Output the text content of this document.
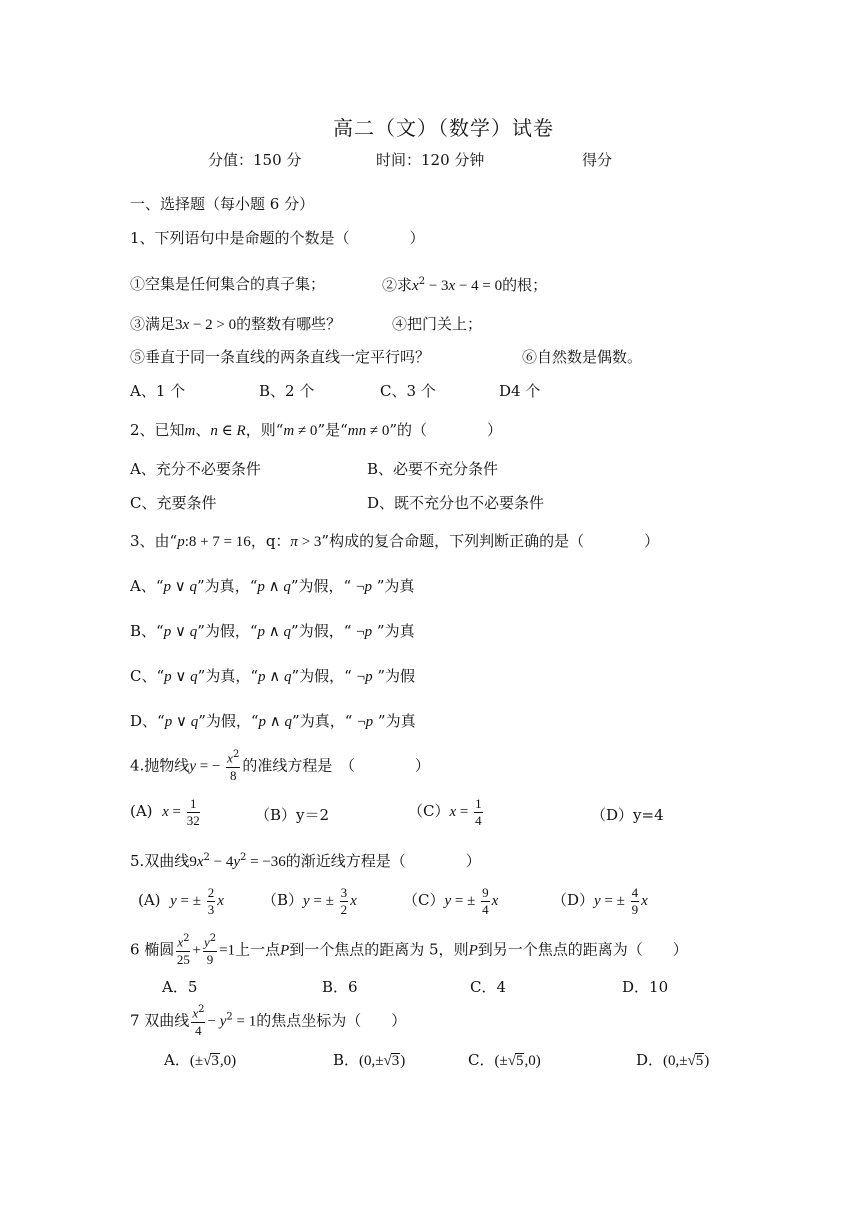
高二（文）（数学）试卷
分值：150 分	时间：120 分钟	得分
一、选择题（每小题 6 分）
1、下列语句中是命题的个数是（　　　　）
①空集是任何集合的真子集；	②求$x^2 - 3x - 4 = 0$的根；
③满足3x − 2 > 0的整数有哪些？	④把门关上；
⑤垂直于同一条直线的两条直线一定平行吗？	⑥自然数是偶数。
A、1 个	B、2 个	C、3 个	D4 个
2、已知m、n ∈ R，则“m ≠ 0”是“mn ≠ 0”的（　　　　）
A、充分不必要条件	B、必要不充分条件
C、充要条件	D、既不充分也不必要条件
3、由“p:8 + 7 = 16，q：π > 3”构成的复合命题，下列判断正确的是（　　　　）
A、“p ∨ q”为真，“p ∧ q”为假，“ ¬p ”为真
B、“p ∨ q”为假，“p ∧ q”为假，“ ¬p ”为真
C、“p ∨ q”为真，“p ∧ q”为假，“ ¬p ”为假
D、“p ∨ q”为假，“p ∧ q”为真，“ ¬p ”为真
4.抛物线y = − $\frac{x^2}{8}$ 的准线方程是　（　　　　）
(A) $x = \frac{1}{32}$	（B）y＝2	$(C)x = \frac{1}{4}$	（D）y=4
5.双曲线$9x^2 - 4y^2 = -36$的渐近线方程是（　　　　）
(A) y = ± $\frac{2}{3}$ x	（B）y = ± $\frac{3}{2}$ x	（C）y = ± $\frac{9}{4}$ x	（D）y = ± $\frac{4}{9}$ x
6 椭圆 $\frac{x^2}{25} + \frac{y^2}{9} =1$上一点P到一个焦点的距离为 5，则P到另一个焦点的距离为（　　）
A．5	B．6	C．4	D．10
7 双曲线 $\frac{x^2}{4} - y^2 = 1$的焦点坐标为（　　）
A．(±√3,0)	B．(0,±√3)	C．(±√5,0)	D．(0,±√5)
